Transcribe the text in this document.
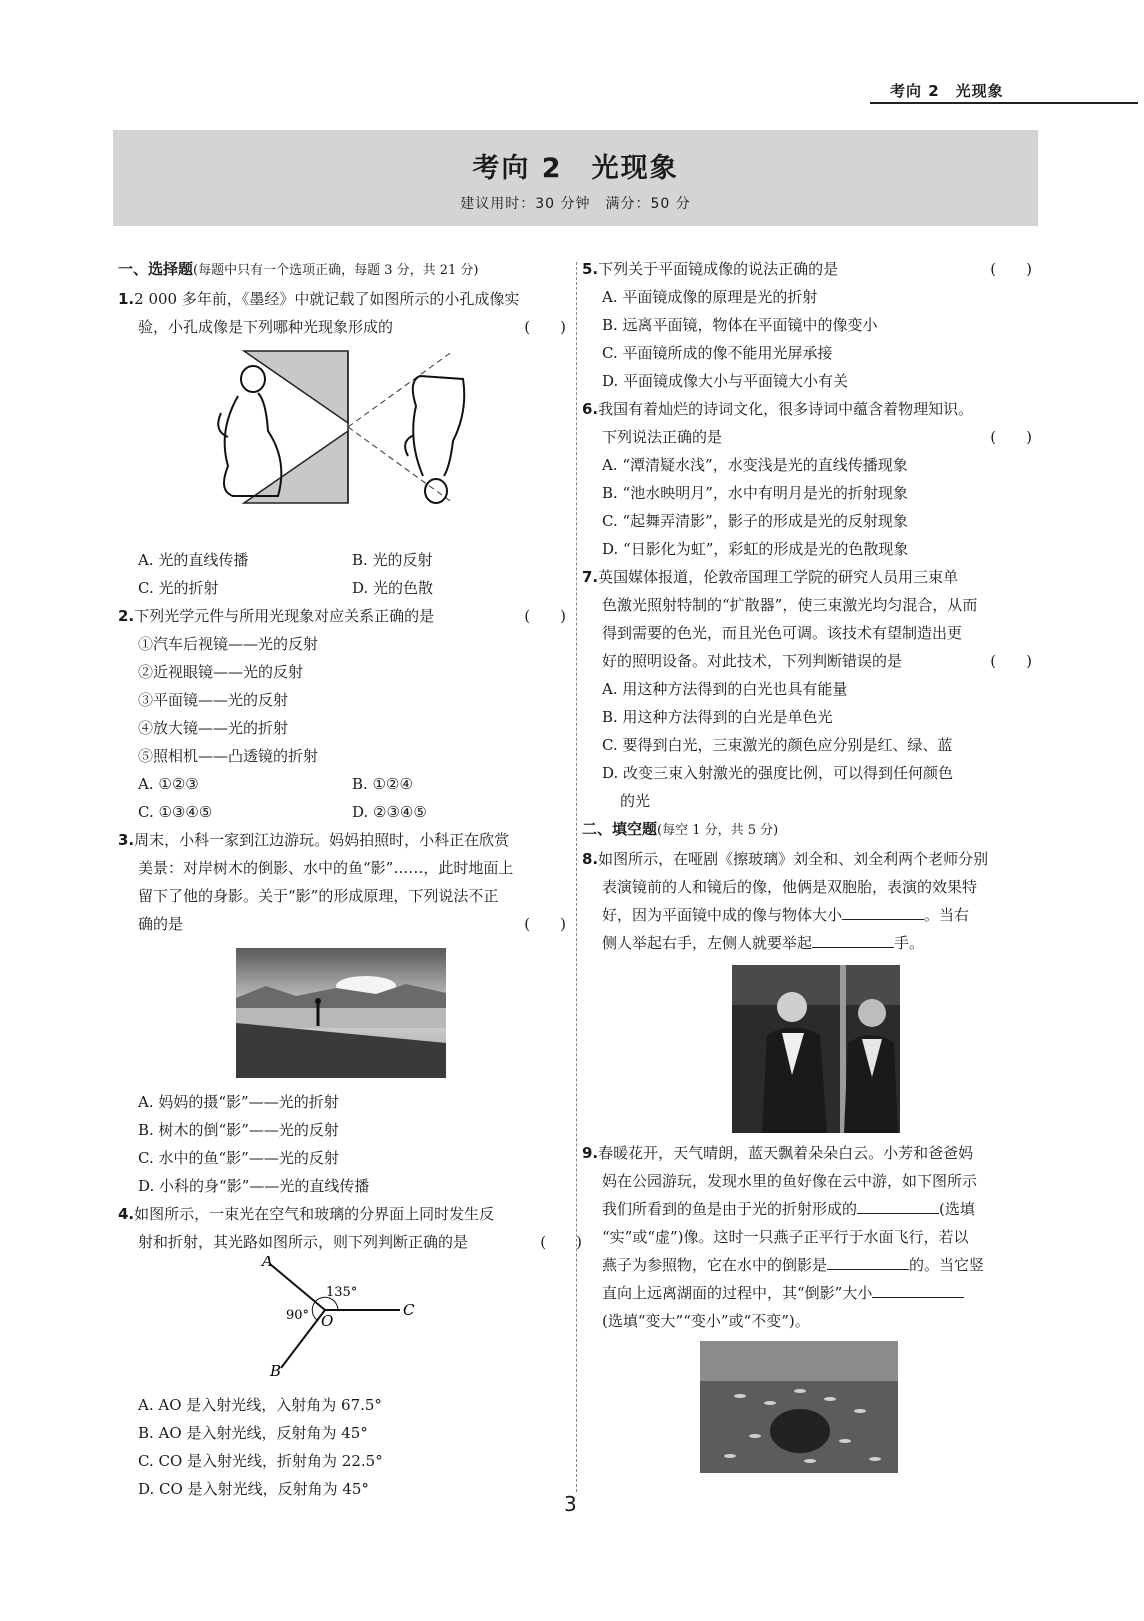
考向 2　光现象
考向 2　光现象
建议用时：30 分钟　满分：50 分

一、选择题(每题中只有一个选项正确，每题 3 分，共 21 分)

1.2 000 多年前，《墨经》中就记载了如图所示的小孔成像实

验，小孔成像是下列哪种光现象形成的	(　　)

A. 光的直线传播	B. 光的反射

C. 光的折射	D. 光的色散

2.下列光学元件与所用光现象对应关系正确的是	(　　)

①汽车后视镜——光的反射

②近视眼镜——光的反射

③平面镜——光的反射

④放大镜——光的折射

⑤照相机——凸透镜的折射

A. ①②③	B. ①②④

C. ①③④⑤	D. ②③④⑤

3.周末，小科一家到江边游玩。妈妈拍照时，小科正在欣赏

美景：对岸树木的倒影、水中的鱼“影”……，此时地面上

留下了他的身影。关于“影”的形成原理，下列说法不正

确的是	(　　)

A. 妈妈的摄“影”——光的折射

B. 树木的倒“影”——光的反射

C. 水中的鱼“影”——光的反射

D. 小科的身“影”——光的直线传播

4.如图所示，一束光在空气和玻璃的分界面上同时发生反

射和折射，其光路如图所示，则下列判断正确的是	(　　)

A
O
C
B
135°
90°

A. AO 是入射光线，入射角为 67.5°

B. AO 是入射光线，反射角为 45°

C. CO 是入射光线，折射角为 22.5°

D. CO 是入射光线，反射角为 45°

5.下列关于平面镜成像的说法正确的是	(　　)

A. 平面镜成像的原理是光的折射

B. 远离平面镜，物体在平面镜中的像变小

C. 平面镜所成的像不能用光屏承接

D. 平面镜成像大小与平面镜大小有关

6.我国有着灿烂的诗词文化，很多诗词中蕴含着物理知识。

下列说法正确的是	(　　)

A. “潭清疑水浅”，水变浅是光的直线传播现象

B. “池水映明月”，水中有明月是光的折射现象

C. “起舞弄清影”，影子的形成是光的反射现象

D. “日影化为虹”，彩虹的形成是光的色散现象

7.英国媒体报道，伦敦帝国理工学院的研究人员用三束单

色激光照射特制的“扩散器”，使三束激光均匀混合，从而

得到需要的色光，而且光色可调。该技术有望制造出更

好的照明设备。对此技术，下列判断错误的是	(　　)

A. 用这种方法得到的白光也具有能量

B. 用这种方法得到的白光是单色光

C. 要得到白光，三束激光的颜色应分别是红、绿、蓝

D. 改变三束入射激光的强度比例，可以得到任何颜色

的光

二、填空题(每空 1 分，共 5 分)

8.如图所示，在哑剧《擦玻璃》刘全和、刘全利两个老师分别

表演镜前的人和镜后的像，他俩是双胞胎，表演的效果特

好，因为平面镜中成的像与物体大小	。当右

侧人举起右手，左侧人就要举起	手。

9.春暖花开，天气晴朗，蓝天飘着朵朵白云。小芳和爸爸妈

妈在公园游玩，发现水里的鱼好像在云中游，如下图所示

我们所看到的鱼是由于光的折射形成的	(选填

“实”或“虚”)像。这时一只燕子正平行于水面飞行，若以

燕子为参照物，它在水中的倒影是	的。当它竖

直向上远离湖面的过程中，其“倒影”大小

(选填“变大”“变小”或“不变”)。

3
